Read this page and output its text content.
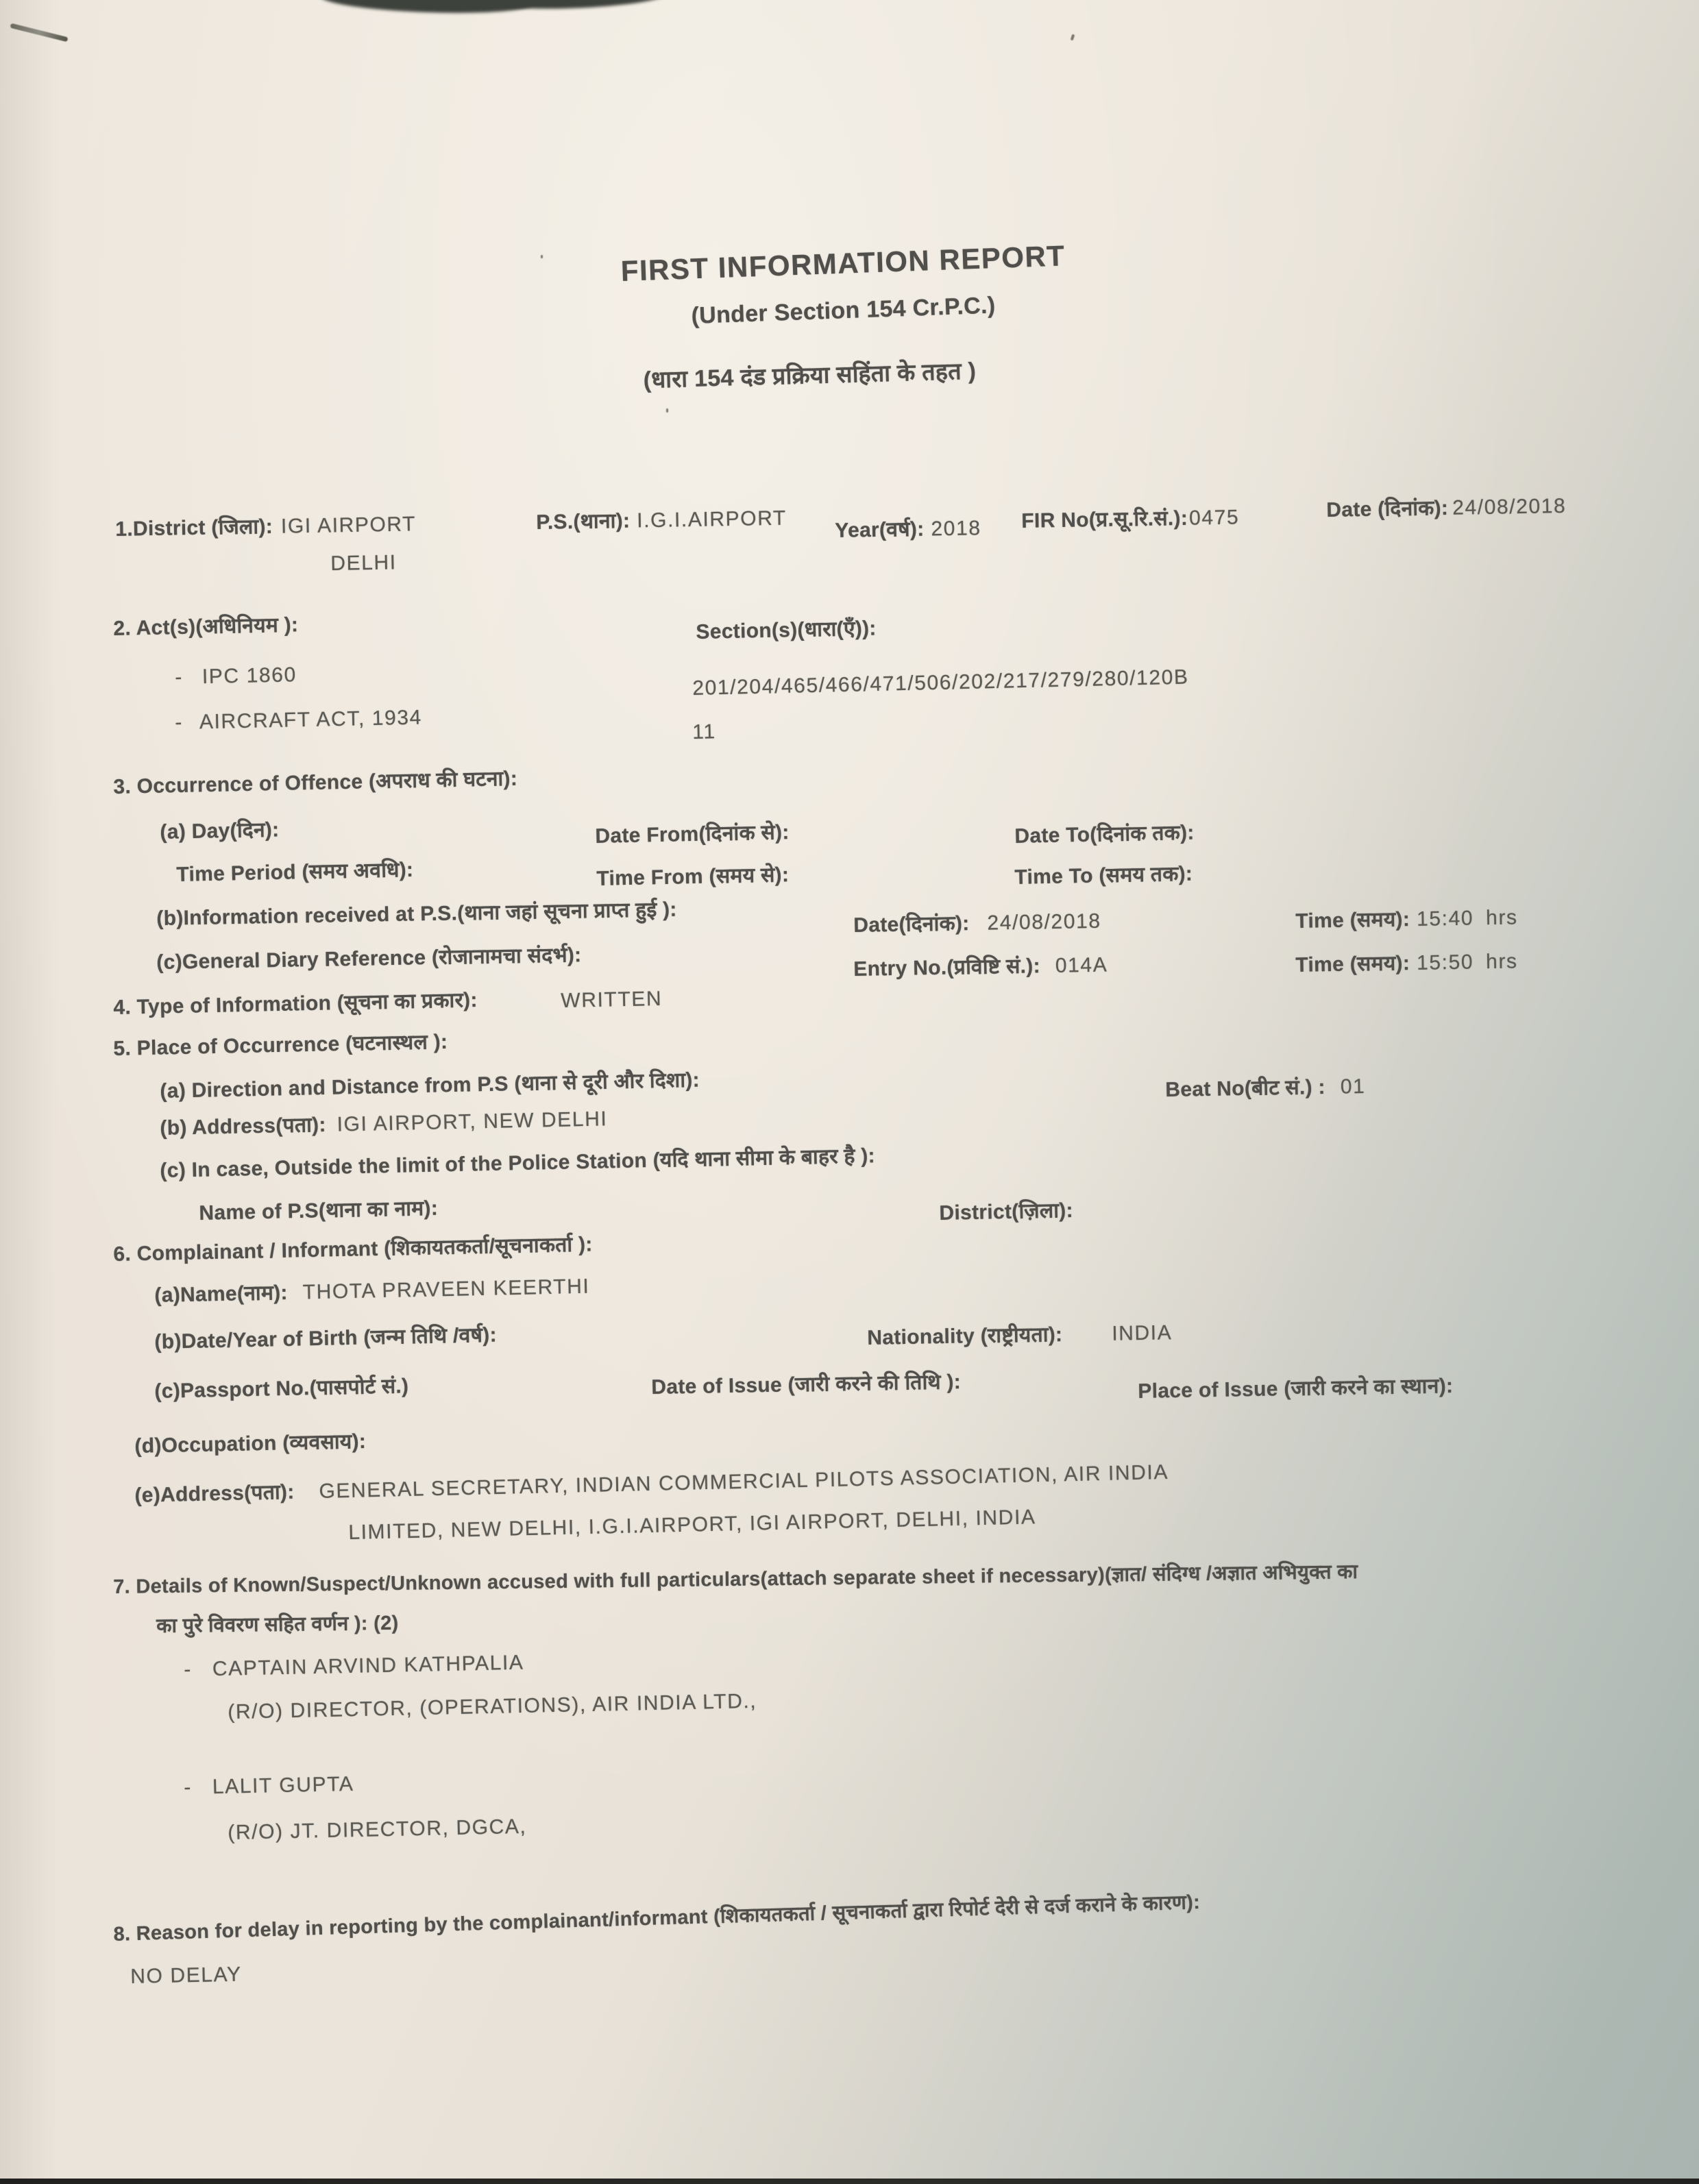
FIRST INFORMATION REPORT
(Under Section 154 Cr.P.C.)
(धारा 154 दंड प्रक्रिया सहिंता के तहत )
1.District (जिला): IGI AIRPORT
DELHI
P.S.(थाना): I.G.I.AIRPORT Year(वर्ष): 2018 FIR No(प्र.सू.रि.सं.):0475	Date (दिनांक): 24/08/2018
2. Act(s)(अधिनियम ):	Section(s)(धारा(एँ)):
- IPC 1860	201/204/465/466/471/506/202/217/279/280/120B
- AIRCRAFT ACT, 1934	11
3. Occurrence of Offence (अपराध की घटना):
(a) Day(दिन):	Date From(दिनांक से):	Date To(दिनांक तक):
Time Period (समय अवधि):	Time From (समय से):	Time To (समय तक):
(b)Information received at P.S.(थाना जहां सूचना प्राप्त हुई ):	Date(दिनांक): 24/08/2018	Time (समय): 15:40 hrs
(c)General Diary Reference (रोजानामचा संदर्भ):	Entry No.(प्रविष्टि सं.): 014A	Time (समय): 15:50 hrs
4. Type of Information (सूचना का प्रकार):	WRITTEN
5. Place of Occurrence (घटनास्थल ):
(a) Direction and Distance from P.S (थाना से दूरी और दिशा):	Beat No(बीट सं.) : 01
(b) Address(पता): IGI AIRPORT, NEW DELHI
(c) In case, Outside the limit of the Police Station (यदि थाना सीमा के बाहर है ):
Name of P.S(थाना का नाम):	District(ज़िला):
6. Complainant / Informant (शिकायतकर्ता/सूचनाकर्ता ):
(a)Name(नाम): THOTA PRAVEEN KEERTHI
(b)Date/Year of Birth (जन्म तिथि /वर्ष):	Nationality (राष्ट्रीयता): INDIA
(c)Passport No.(पासपोर्ट सं.)	Date of Issue (जारी करने की तिथि ):	Place of Issue (जारी करने का स्थान):
(d)Occupation (व्यवसाय):
(e)Address(पता): GENERAL SECRETARY, INDIAN COMMERCIAL PILOTS ASSOCIATION, AIR INDIA
LIMITED, NEW DELHI, I.G.I.AIRPORT, IGI AIRPORT, DELHI, INDIA
7. Details of Known/Suspect/Unknown accused with full particulars(attach separate sheet if necessary)(ज्ञात/ संदिग्ध /अज्ञात अभियुक्त का
का पुरे विवरण सहित वर्णन ): (2)
- CAPTAIN ARVIND KATHPALIA
(R/O) DIRECTOR, (OPERATIONS), AIR INDIA LTD.,
- LALIT GUPTA
(R/O) JT. DIRECTOR, DGCA,
8. Reason for delay in reporting by the complainant/informant (शिकायतकर्ता / सूचनाकर्ता द्वारा रिपोर्ट देरी से दर्ज कराने के कारण):
NO DELAY
